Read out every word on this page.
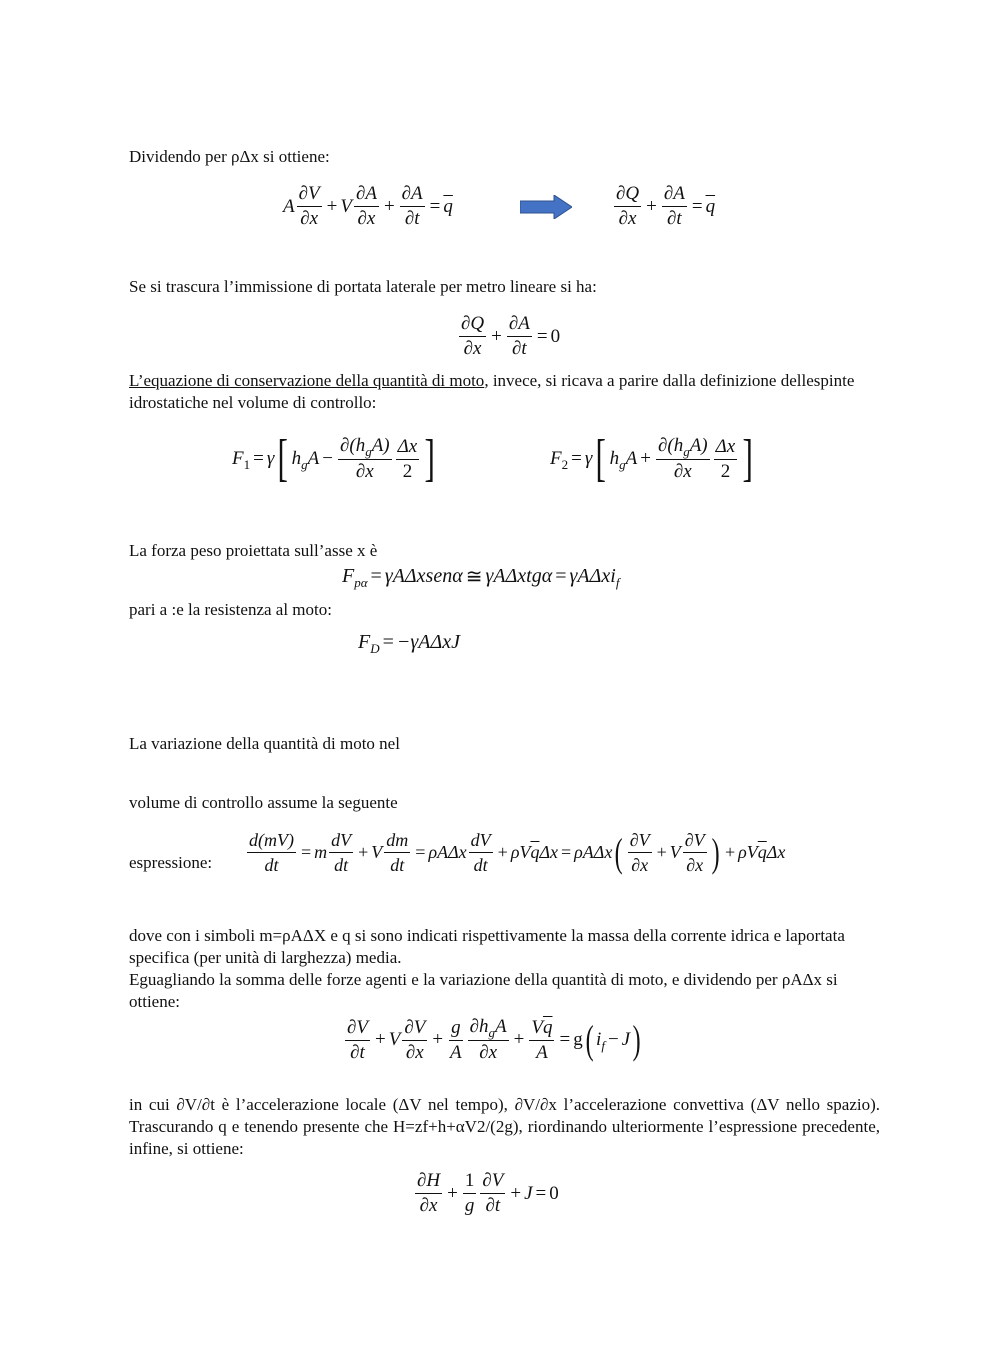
Dividendo per ρΔx si ottiene:

A $\frac{\partial V}{\partial x} + V \frac{\partial A}{\partial x} + \frac{\partial A}{\partial t} = \overline{q}$	$\frac{\partial Q}{\partial x} + \frac{\partial A}{\partial t} = \overline{q}$

Se si trascura l’immissione di portata laterale per metro lineare si ha:

$\frac{\partial Q}{\partial x} + \frac{\partial A}{\partial t} = 0$

L’equazione di conservazione della quantità di moto, invece, si ricava a parire dalla definizione dellespinte idrostatiche nel volume di controllo:

$F_1 = \gamma$ [ $h_gA - \frac{\partial(h_gA)}{\partial x} \frac{\Delta x}{2}$ ]	$F_2 = \gamma$ [ $h_gA + \frac{\partial(h_gA)}{\partial x} \frac{\Delta x}{2}$ ]

La forza peso proiettata sull’asse x è

$F_{p\alpha}$ = γAΔxsenα ≅ γAΔxtgα = γAΔxi$_f$

pari a :e la resistenza al moto:

$F_D = -\gamma A\Delta xJ$

La variazione della quantità di moto nel

volume di controllo assume la seguente

espressione: $\frac{d(mV)}{dt} = m \frac{dV}{dt} + V \frac{dm}{dt} = \rho A\Delta x \frac{dV}{dt} + \rho V\overline{q}\Delta x = \rho A\Delta x$ ( $\frac{\partial V}{\partial x} + V \frac{\partial V}{\partial x}$ ) + $\rho V\overline{q}\Delta x$

dove con i simboli m=ρAΔX e q si sono indicati rispettivamente la massa della corrente idrica e laportata specifica (per unità di larghezza) media.

Eguagliando la somma delle forze agenti e la variazione della quantità di moto, e dividendo per ρAΔx si ottiene:

$\frac{\partial V}{\partial t} + V \frac{\partial V}{\partial x} + \frac{g}{A} \frac{\partial h_gA}{\partial x} + \frac{V\overline{q}}{A} = g$ ( $i_f - J$ )

in cui ∂V/∂t è l’accelerazione locale (ΔV nel tempo), ∂V/∂x l’accelerazione convettiva (ΔV nello spazio). Trascurando q e tenendo presente che H=zf+h+αV2/(2g), riordinando ulteriormente l’espressione precedente, infine, si ottiene:

$\frac{\partial H}{\partial x} + \frac{1}{g} \frac{\partial V}{\partial t} + J = 0$
